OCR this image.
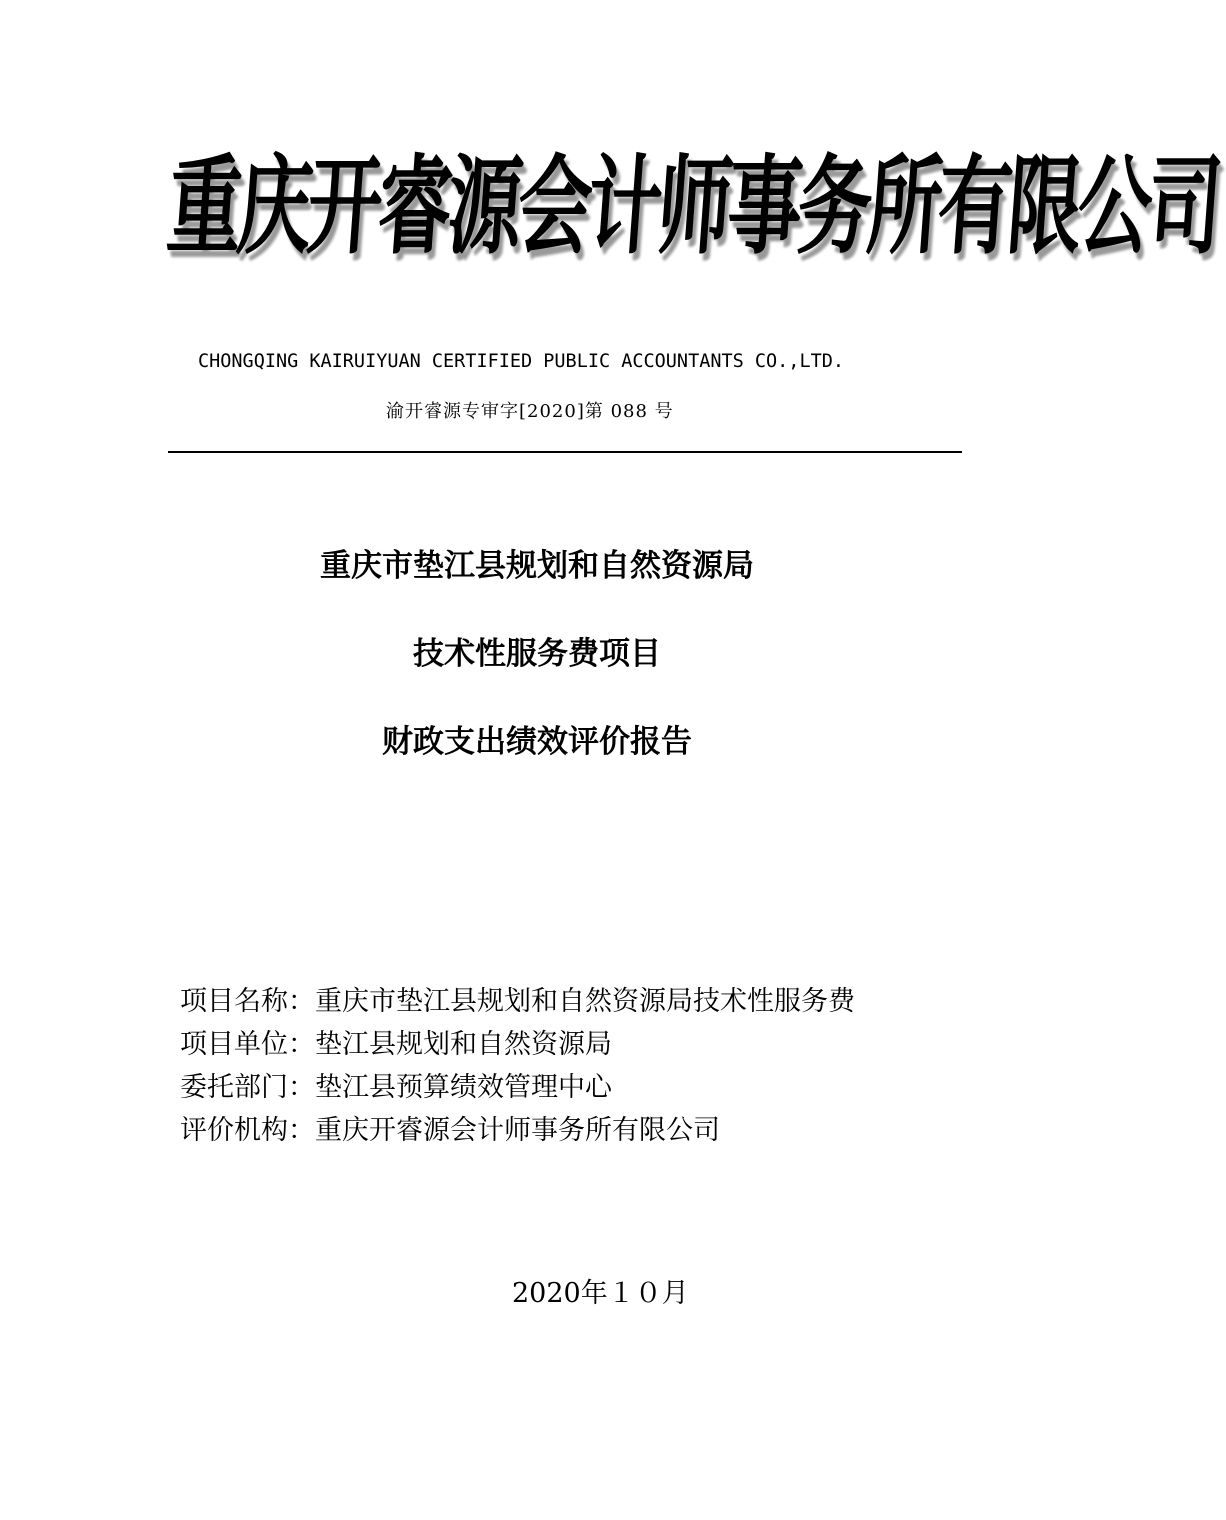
重庆开睿源会计师事务所有限公司
CHONGQING KAIRUIYUAN CERTIFIED PUBLIC ACCOUNTANTS CO.,LTD.
渝开睿源专审字[2020]第 088 号
重庆市垫江县规划和自然资源局
技术性服务费项目
财政支出绩效评价报告
项目名称：重庆市垫江县规划和自然资源局技术性服务费
项目单位：垫江县规划和自然资源局
委托部门：垫江县预算绩效管理中心
评价机构：重庆开睿源会计师事务所有限公司
2020年１０月
